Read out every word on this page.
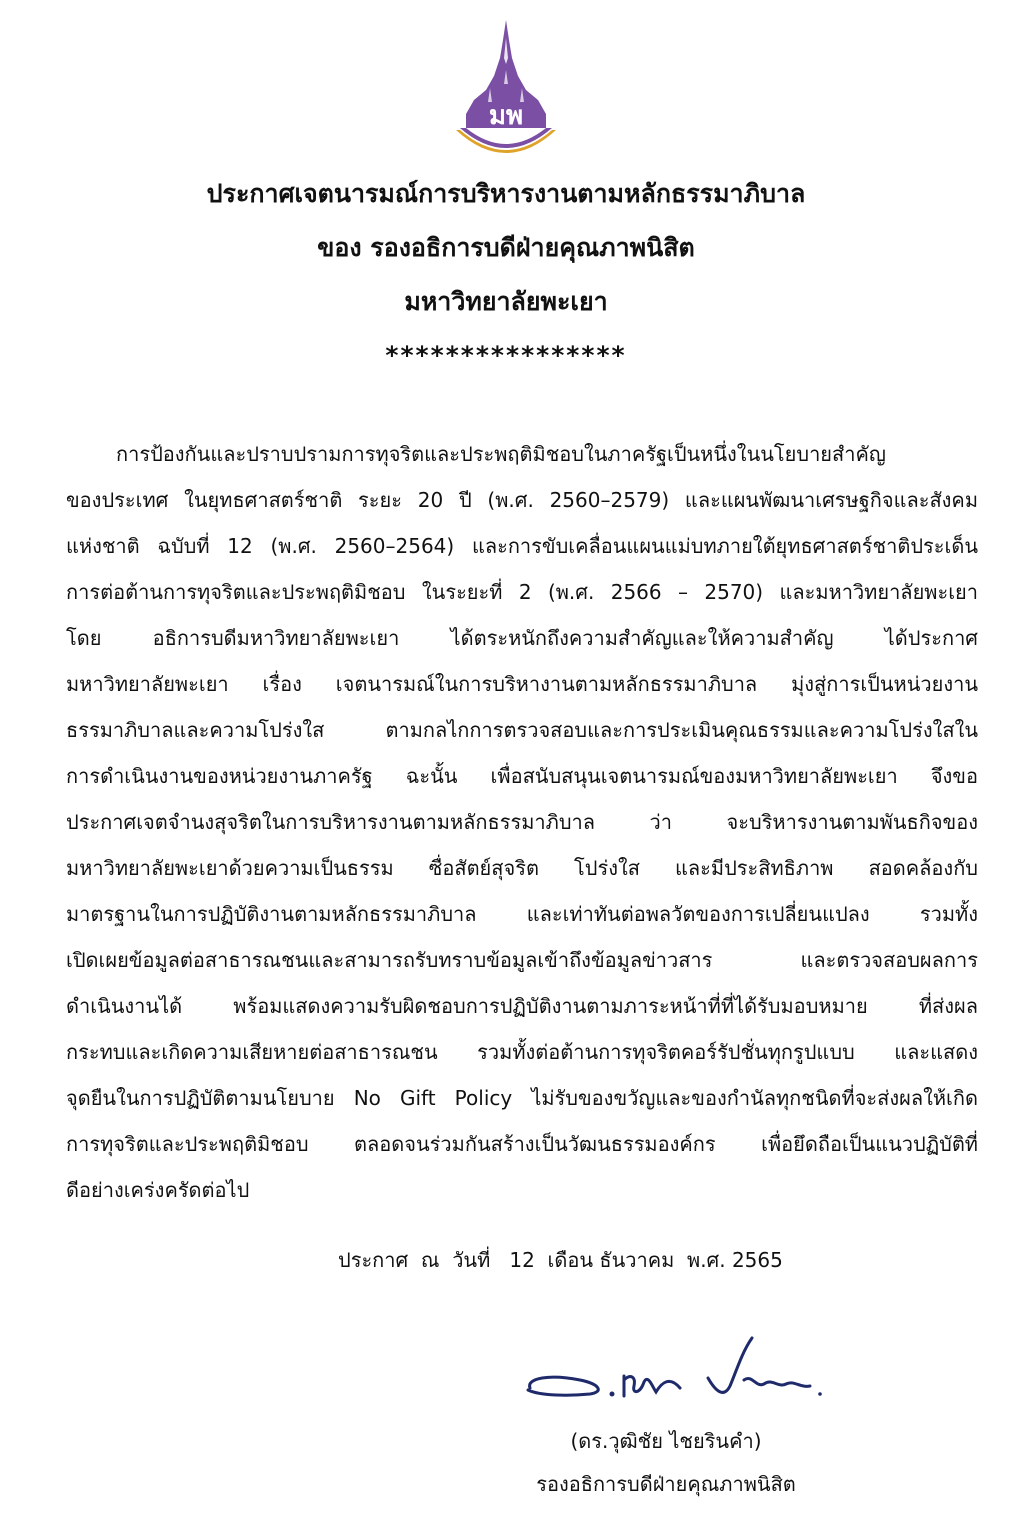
มพ
ประกาศเจตนารมณ์การบริหารงานตามหลักธรรมาภิบาล
ของ รองอธิการบดีฝ่ายคุณภาพนิสิต
มหาวิทยาลัยพะเยา
****************
การป้องกันและปราบปรามการทุจริตและประพฤติมิชอบในภาครัฐเป็นหนึ่งในนโยบายสำคัญ
ของประเทศ ในยุทธศาสตร์ชาติ ระยะ 20 ปี (พ.ศ. 2560–2579) และแผนพัฒนาเศรษฐกิจและสังคม
แห่งชาติ ฉบับที่ 12 (พ.ศ. 2560–2564) และการขับเคลื่อนแผนแม่บทภายใต้ยุทธศาสตร์ชาติประเด็น
การต่อต้านการทุจริตและประพฤติมิชอบ ในระยะที่ 2 (พ.ศ. 2566 – 2570) และมหาวิทยาลัยพะเยา
โดย อธิการบดีมหาวิทยาลัยพะเยา ได้ตระหนักถึงความสำคัญและให้ความสำคัญ ได้ประกาศ
มหาวิทยาลัยพะเยา เรื่อง เจตนารมณ์ในการบริหางานตามหลักธรรมาภิบาล มุ่งสู่การเป็นหน่วยงาน
ธรรมาภิบาลและความโปร่งใส ตามกลไกการตรวจสอบและการประเมินคุณธรรมและความโปร่งใสใน
การดำเนินงานของหน่วยงานภาครัฐ ฉะนั้น เพื่อสนับสนุนเจตนารมณ์ของมหาวิทยาลัยพะเยา จึงขอ
ประกาศเจตจำนงสุจริตในการบริหารงานตามหลักธรรมาภิบาล ว่า จะบริหารงานตามพันธกิจของ
มหาวิทยาลัยพะเยาด้วยความเป็นธรรม ซื่อสัตย์สุจริต โปร่งใส และมีประสิทธิภาพ สอดคล้องกับ
มาตรฐานในการปฏิบัติงานตามหลักธรรมาภิบาล และเท่าทันต่อพลวัตของการเปลี่ยนแปลง รวมทั้ง
เปิดเผยข้อมูลต่อสาธารณชนและสามารถรับทราบข้อมูลเข้าถึงข้อมูลข่าวสาร และตรวจสอบผลการ
ดำเนินงานได้ พร้อมแสดงความรับผิดชอบการปฏิบัติงานตามภาระหน้าที่ที่ได้รับมอบหมาย ที่ส่งผล
กระทบและเกิดความเสียหายต่อสาธารณชน รวมทั้งต่อต้านการทุจริตคอร์รัปชั่นทุกรูปแบบ และแสดง
จุดยืนในการปฏิบัติตามนโยบาย No Gift Policy ไม่รับของขวัญและของกำนัลทุกชนิดที่จะส่งผลให้เกิด
การทุจริตและประพฤติมิชอบ ตลอดจนร่วมกันสร้างเป็นวัฒนธรรมองค์กร เพื่อยึดถือเป็นแนวปฏิบัติที่
ดีอย่างเคร่งครัดต่อไป
ประกาศ  ณ  วันที่   12  เดือน ธันวาคม  พ.ศ. 2565
(ดร.วุฒิชัย ไชยรินคำ)
รองอธิการบดีฝ่ายคุณภาพนิสิต
